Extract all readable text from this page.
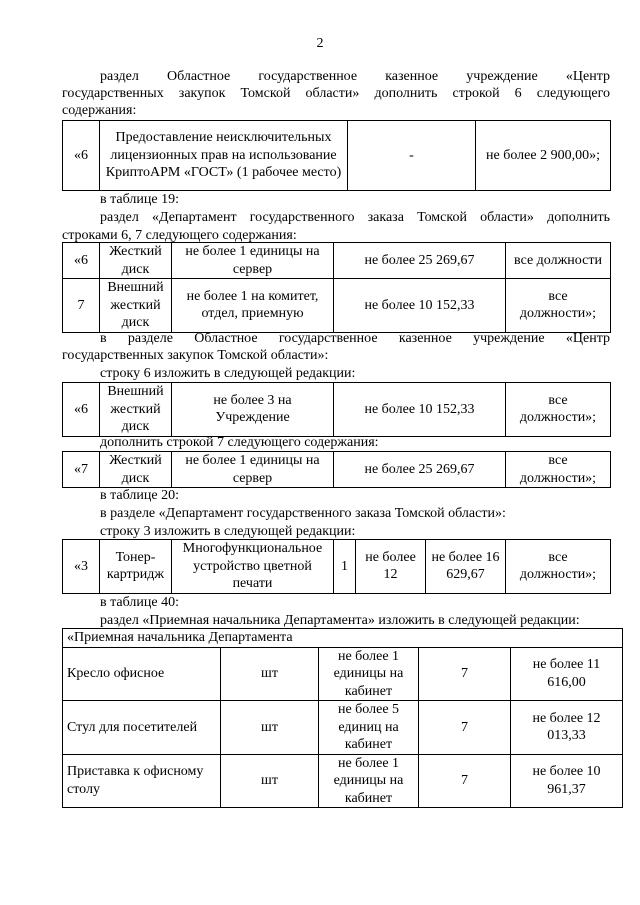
2
раздел Областное государственное казенное учреждение «Центр
государственных закупок Томской области» дополнить строкой 6 следующего
содержания:
«6	Предоставление неисключительных лицензионных прав на использование КриптоАРМ «ГОСТ» (1 рабочее место)	-	не более 2 900,00»;
в таблице 19:
раздел «Департамент государственного заказа Томской области» дополнить
строками 6, 7 следующего содержания:
«6	Жесткий диск	не более 1 единицы на сервер	не более 25 269,67	все должности
7	Внешний жесткий диск	не более 1 на комитет, отдел, приемную	не более 10 152,33	все должности»;
в разделе Областное государственное казенное учреждение «Центр
государственных закупок Томской области»:
строку 6 изложить в следующей редакции:
«6	Внешний жесткий диск	не более 3 на Учреждение	не более 10 152,33	все должности»;
дополнить строкой 7 следующего содержания:
«7	Жесткий диск	не более 1 единицы на сервер	не более 25 269,67	все должности»;
в таблице 20:
в разделе «Департамент государственного заказа Томской области»:
строку 3 изложить в следующей редакции:
«3	Тонер-картридж	Многофункциональное устройство цветной печати	1	не более 12	не более 16 629,67	все должности»;
в таблице 40:
раздел «Приемная начальника Департамента» изложить в следующей редакции:
«Приемная начальника Департамента				
Кресло офисное	шт	не более 1 единицы на кабинет	7	не более 11 616,00
Стул для посетителей	шт	не более 5 единиц на кабинет	7	не более 12 013,33
Приставка к офисному столу	шт	не более 1 единицы на кабинет	7	не более 10 961,37
